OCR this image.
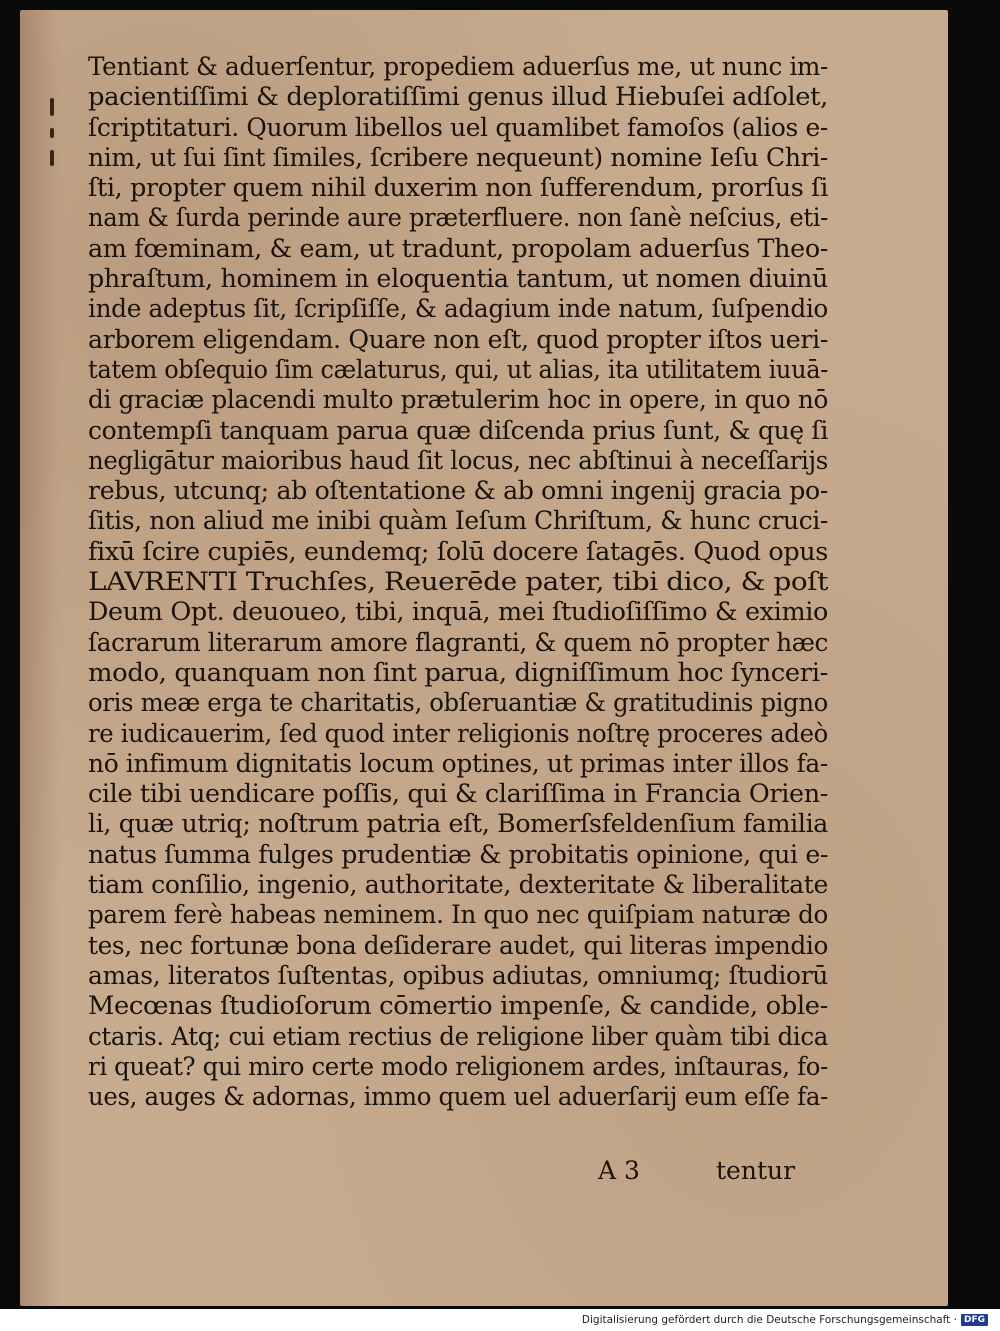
Tentiant & aduerſentur, propediem aduerſus me, ut nunc im-
pacientiſſimi & deploratiſſimi genus illud Hiebuſei adſolet,
ſcriptitaturi. Quorum libellos uel quamlibet famoſos (alios e-
nim, ut ſui ſint ſimiles, ſcribere nequeunt) nomine Ieſu Chri-
ſti, propter quem nihil duxerim non ſufferendum, prorſus ſi
nam & ſurda perinde aure præterfluere. non ſanè neſcius, eti-
am fœminam, & eam, ut tradunt, propolam aduerſus Theo-
phraſtum, hominem in eloquentia tantum, ut nomen diuinū
inde adeptus ſit, ſcripſiſſe, & adagium inde natum, ſuſpendio
arborem eligendam. Quare non eſt, quod propter iſtos ueri-
tatem obſequio ſim cælaturus, qui, ut alias, ita utilitatem iuuā-
di graciæ placendi multo prætulerim hoc in opere, in quo nō
contempſi tanquam parua quæ diſcenda prius ſunt, & quę ſi
negligātur maioribus haud ſit locus, nec abſtinui à neceſſarijs
rebus, utcunq; ab oſtentatione & ab omni ingenij gracia po-
ſitis, non aliud me inibi quàm Ieſum Chriſtum, & hunc cruci-
fixū ſcire cupiēs, eundemq; ſolū docere ſatagēs. Quod opus
LAVRENTI Truchſes, Reuerēde pater, tibi dico, & poſt
Deum Opt. deuoueo, tibi, inquā, mei ſtudioſiſſimo & eximio
ſacrarum literarum amore flagranti, & quem nō propter hæc
modo, quanquam non ſint parua, digniſſimum hoc ſynceri-
oris meæ erga te charitatis, obſeruantiæ & gratitudinis pigno
re iudicauerim, ſed quod inter religionis noſtrę proceres adeò
nō infimum dignitatis locum optines, ut primas inter illos fa-
cile tibi uendicare poſſis, qui & clariſſima in Francia Orien-
li, quæ utriq; noſtrum patria eſt, Bomerſsfeldenſium familia
natus ſumma fulges prudentiæ & probitatis opinione, qui e-
tiam conſilio, ingenio, authoritate, dexteritate & liberalitate
parem ferè habeas neminem. In quo nec quiſpiam naturæ do
tes, nec fortunæ bona deſiderare audet, qui literas impendio
amas, literatos ſuſtentas, opibus adiutas, omniumq; ſtudiorū
Mecœnas ſtudioſorum cōmertio impenſe, & candide, oble-
ctaris. Atq; cui etiam rectius de religione liber quàm tibi dica
ri queat? qui miro certe modo religionem ardes, inſtauras, fo-
ues, auges & adornas, immo quem uel aduerſarij eum eſſe fa-
A 3	tentur
Digitalisierung gefördert durch die Deutsche Forschungsgemeinschaft · DFG
